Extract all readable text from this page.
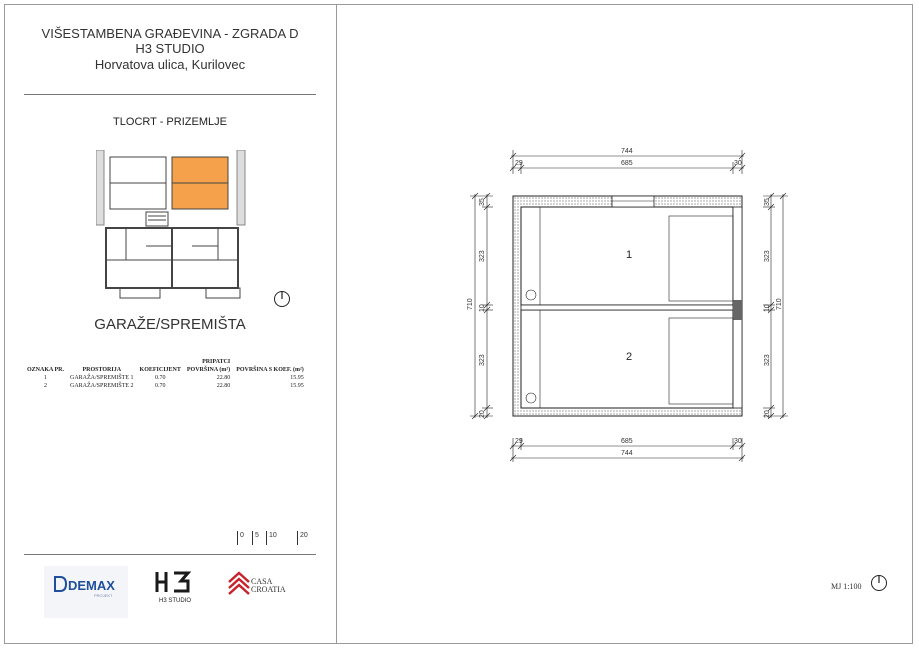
VIŠESTAMBENA GRAĐEVINA - ZGRADA D
H3 STUDIO
Horvatova ulica, Kurilovec
TLOCRT - PRIZEMLJE
GARAŽE/SPREMIŠTA
		PRIPATCI		
OZNAKA PR.	PROSTORIJA	KOEFICIJENT	POVRŠINA (m²)	POVRŠINA S KOEF. (m²)
1	GARAŽA/SPREMIŠTE 1	0.70	22.80	15.95
2	GARAŽA/SPREMIŠTE 2	0.70	22.80	15.95
0 5 10	20
DEMAX
PROJEKT
H3 STUDIO
CASA
CROATIA
1
2
744
685
29	30
685
744
29	30
710
35
323
10
323
20
35
323
10
323
20
710
MJ 1:100
